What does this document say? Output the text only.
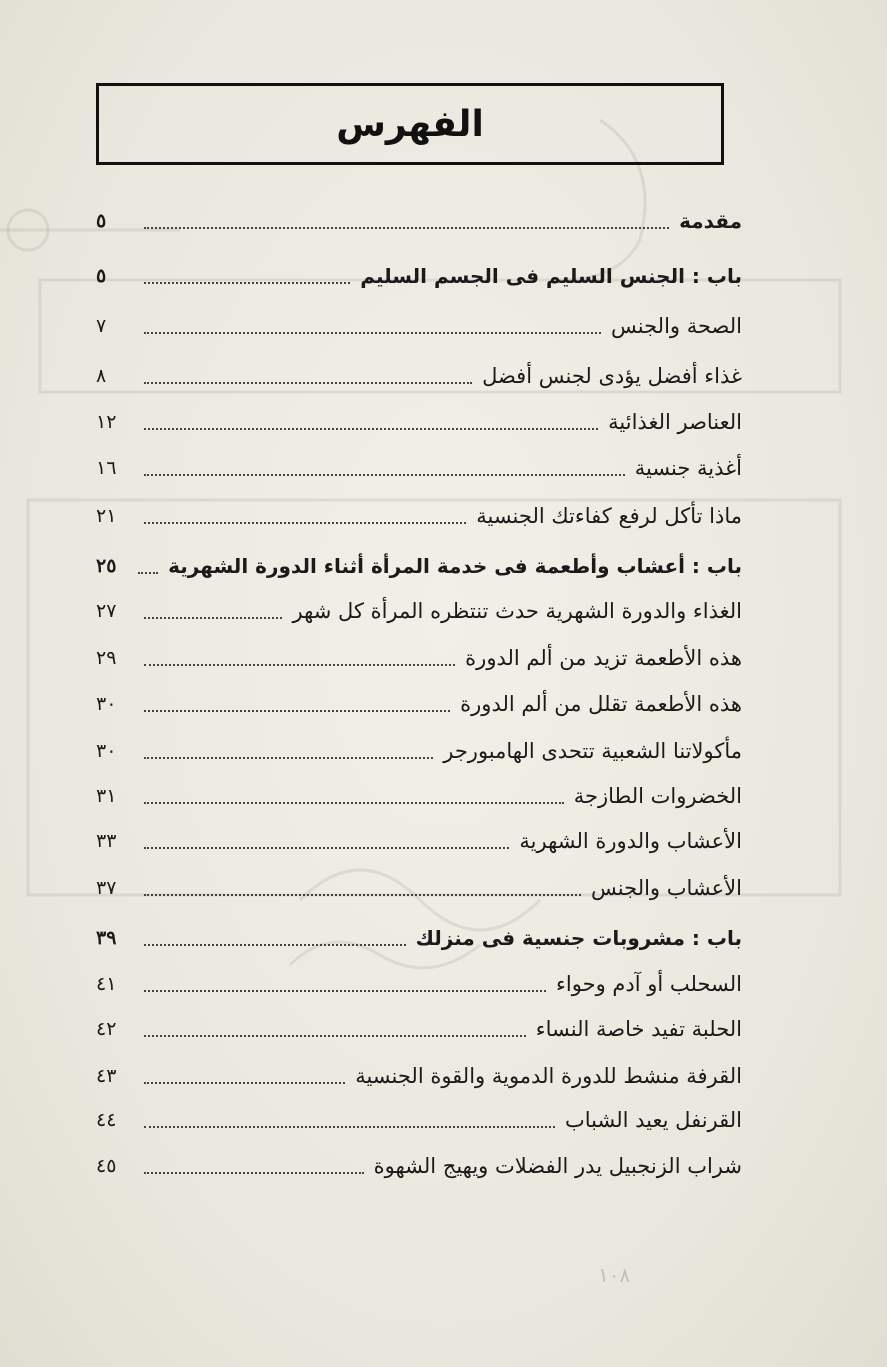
الفهرس
مقدمة
٥
باب : الجنس السليم فى الجسم السليم
٥
الصحة والجنس
٧
غذاء أفضل يؤدى لجنس أفضل
٨
العناصر الغذائية
١٢
أغذية جنسية
١٦
ماذا تأكل لرفع كفاءتك الجنسية
٢١
باب : أعشاب وأطعمة فى خدمة المرأة أثناء الدورة الشهرية
٢٥
الغذاء والدورة الشهرية حدث تنتظره المرأة كل شهر
٢٧
هذه الأطعمة تزيد من ألم الدورة
٢٩
هذه الأطعمة تقلل من ألم الدورة
٣٠
مأكولاتنا الشعبية تتحدى الهامبورجر
٣٠
الخضروات الطازجة
٣١
الأعشاب والدورة الشهرية
٣٣
الأعشاب والجنس
٣٧
باب : مشروبات جنسية فى منزلك
٣٩
السحلب أو آدم وحواء
٤١
الحلبة تفيد خاصة النساء
٤٢
القرفة منشط للدورة الدموية والقوة الجنسية
٤٣
القرنفل يعيد الشباب
٤٤
شراب الزنجبيل يدر الفضلات ويهيج الشهوة
٤٥
١٠٨
